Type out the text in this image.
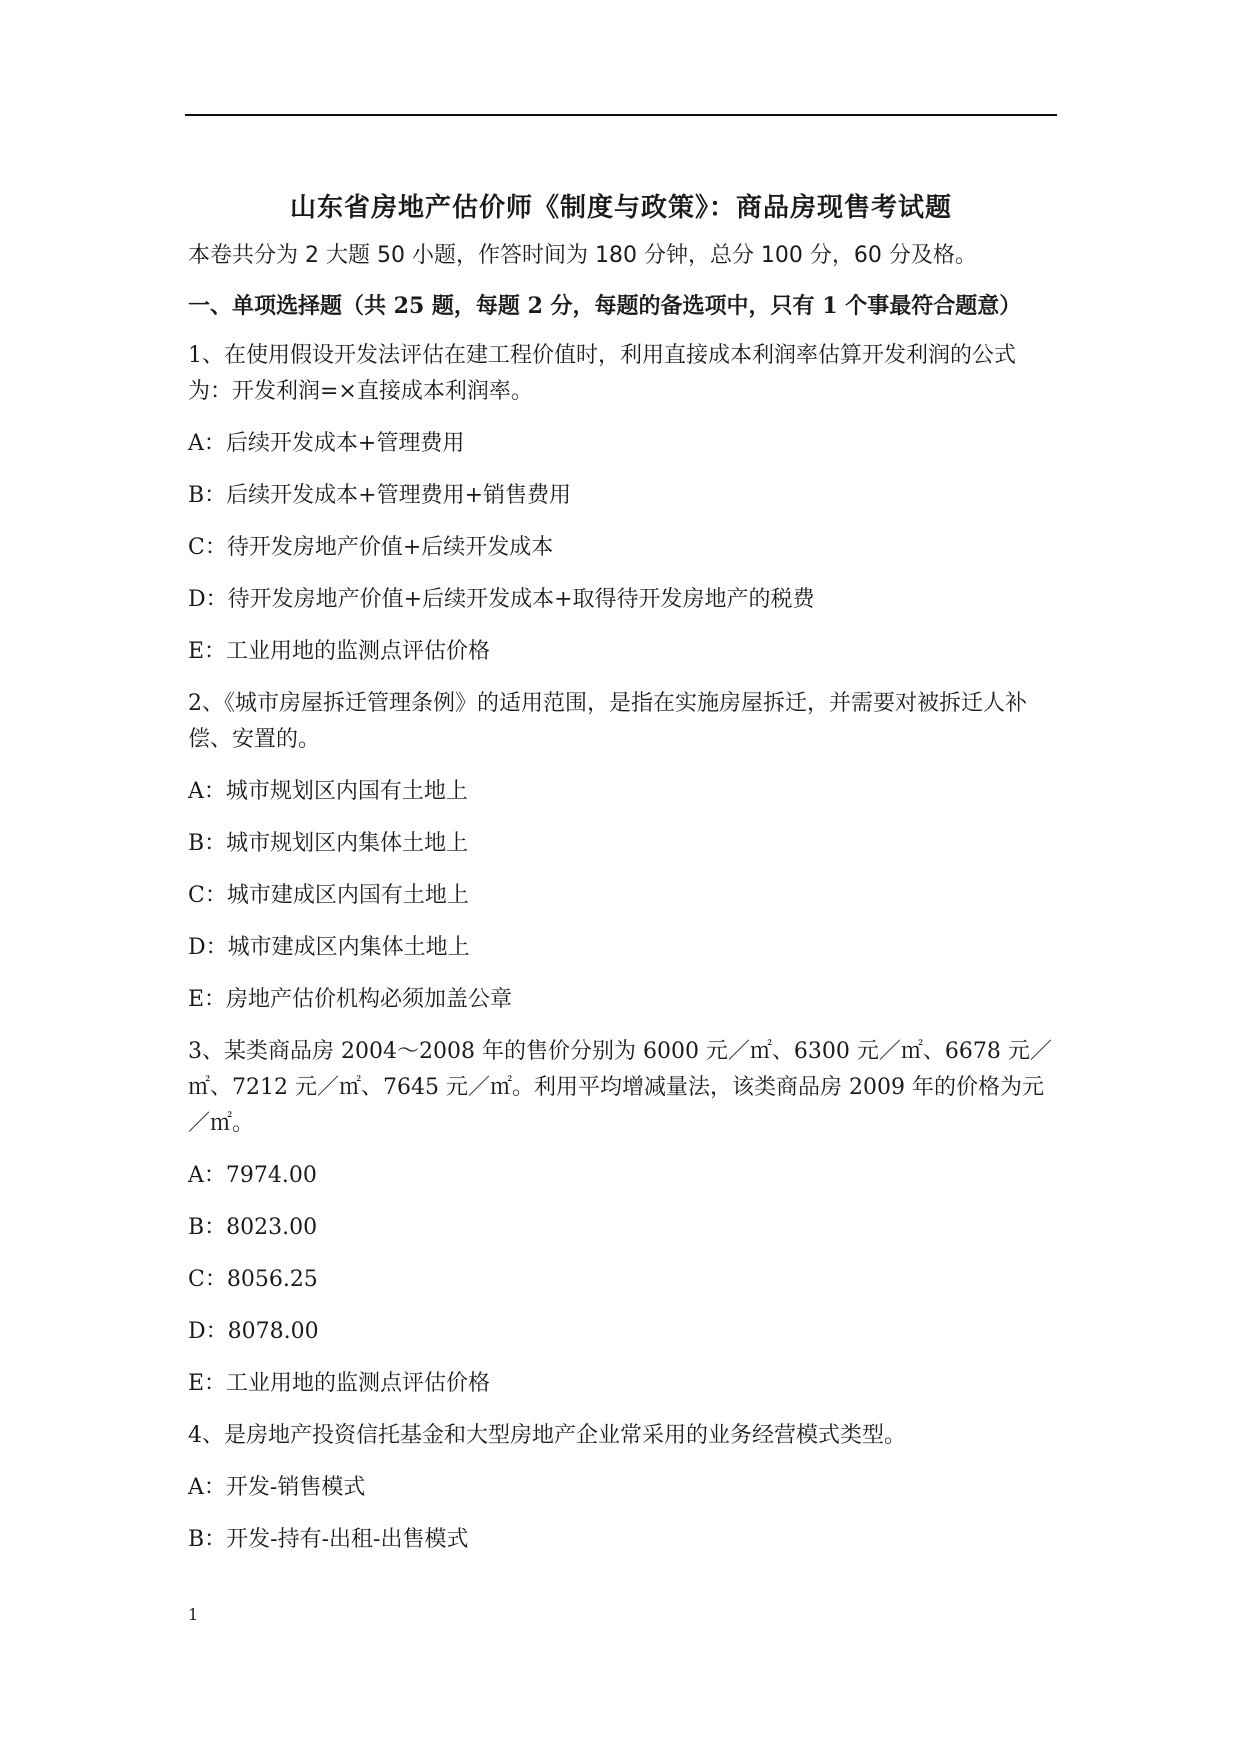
山东省房地产估价师《制度与政策》：商品房现售考试题
本卷共分为 2 大题 50 小题，作答时间为 180 分钟，总分 100 分，60 分及格。
一、单项选择题（共 25 题，每题 2 分，每题的备选项中，只有 1 个事最符合题意）
1、在使用假设开发法评估在建工程价值时，利用直接成本利润率估算开发利润的公式为：开发利润=×直接成本利润率。
A：后续开发成本+管理费用
B：后续开发成本+管理费用+销售费用
C：待开发房地产价值+后续开发成本
D：待开发房地产价值+后续开发成本+取得待开发房地产的税费
E：工业用地的监测点评估价格
2、《城市房屋拆迁管理条例》的适用范围，是指在实施房屋拆迁，并需要对被拆迁人补偿、安置的。
A：城市规划区内国有土地上
B：城市规划区内集体土地上
C：城市建成区内国有土地上
D：城市建成区内集体土地上
E：房地产估价机构必须加盖公章
3、某类商品房 2004～2008 年的售价分别为 6000 元／㎡、6300 元／㎡、6678 元／㎡、7212 元／㎡、7645 元／㎡。利用平均增减量法，该类商品房 2009 年的价格为元／㎡。
A：7974.00
B：8023.00
C：8056.25
D：8078.00
E：工业用地的监测点评估价格
4、是房地产投资信托基金和大型房地产企业常采用的业务经营模式类型。
A：开发-销售模式
B：开发-持有-出租-出售模式
1
